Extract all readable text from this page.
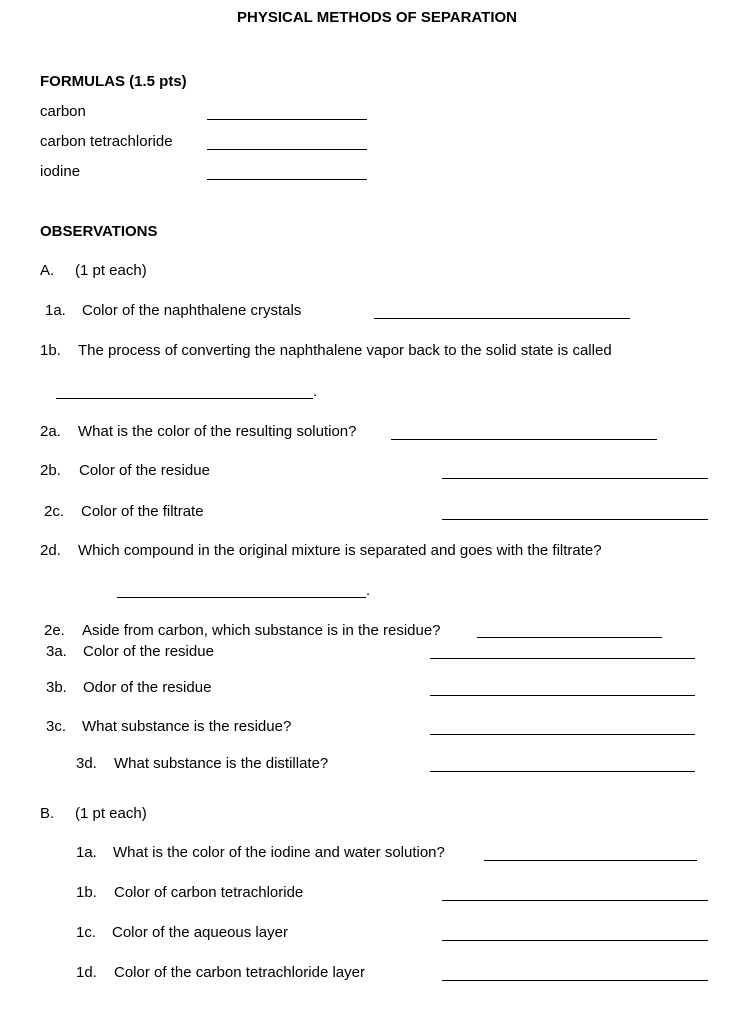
PHYSICAL METHODS OF SEPARATION
FORMULAS (1.5 pts)
carbon
carbon tetrachloride
iodine
OBSERVATIONS
A. (1 pt each)
1a. Color of the naphthalene crystals
1b. The process of converting the naphthalene vapor back to the solid state is called
.
2a. What is the color of the resulting solution?
2b. Color of the residue
2c. Color of the filtrate
2d. Which compound in the original mixture is separated and goes with the filtrate?
.
2e. Aside from carbon, which substance is in the residue?
3a. Color of the residue
3b. Odor of the residue
3c. What substance is the residue?
3d. What substance is the distillate?
B. (1 pt each)
1a. What is the color of the iodine and water solution?
1b. Color of carbon tetrachloride
1c. Color of the aqueous layer
1d. Color of the carbon tetrachloride layer
